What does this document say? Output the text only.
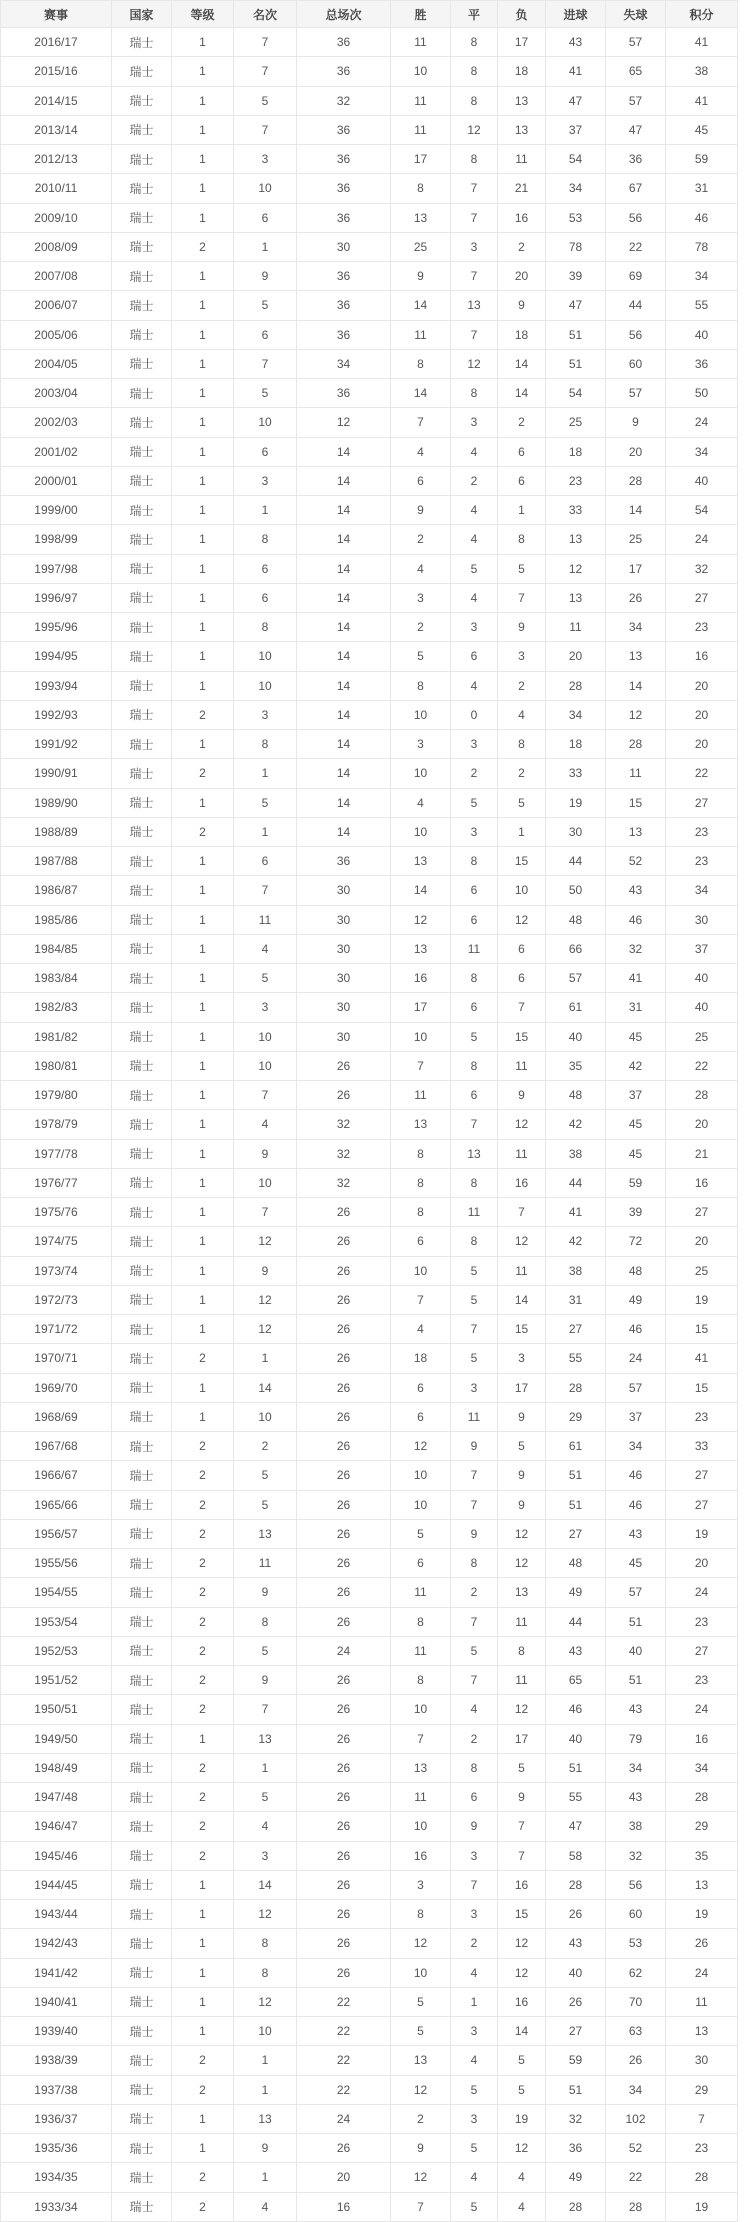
赛事	国家	等级	名次	总场次	胜	平	负	进球	失球	积分
2016/17	瑞士	1	7	36	11	8	17	43	57	41
2015/16	瑞士	1	7	36	10	8	18	41	65	38
2014/15	瑞士	1	5	32	11	8	13	47	57	41
2013/14	瑞士	1	7	36	11	12	13	37	47	45
2012/13	瑞士	1	3	36	17	8	11	54	36	59
2010/11	瑞士	1	10	36	8	7	21	34	67	31
2009/10	瑞士	1	6	36	13	7	16	53	56	46
2008/09	瑞士	2	1	30	25	3	2	78	22	78
2007/08	瑞士	1	9	36	9	7	20	39	69	34
2006/07	瑞士	1	5	36	14	13	9	47	44	55
2005/06	瑞士	1	6	36	11	7	18	51	56	40
2004/05	瑞士	1	7	34	8	12	14	51	60	36
2003/04	瑞士	1	5	36	14	8	14	54	57	50
2002/03	瑞士	1	10	12	7	3	2	25	9	24
2001/02	瑞士	1	6	14	4	4	6	18	20	34
2000/01	瑞士	1	3	14	6	2	6	23	28	40
1999/00	瑞士	1	1	14	9	4	1	33	14	54
1998/99	瑞士	1	8	14	2	4	8	13	25	24
1997/98	瑞士	1	6	14	4	5	5	12	17	32
1996/97	瑞士	1	6	14	3	4	7	13	26	27
1995/96	瑞士	1	8	14	2	3	9	11	34	23
1994/95	瑞士	1	10	14	5	6	3	20	13	16
1993/94	瑞士	1	10	14	8	4	2	28	14	20
1992/93	瑞士	2	3	14	10	0	4	34	12	20
1991/92	瑞士	1	8	14	3	3	8	18	28	20
1990/91	瑞士	2	1	14	10	2	2	33	11	22
1989/90	瑞士	1	5	14	4	5	5	19	15	27
1988/89	瑞士	2	1	14	10	3	1	30	13	23
1987/88	瑞士	1	6	36	13	8	15	44	52	23
1986/87	瑞士	1	7	30	14	6	10	50	43	34
1985/86	瑞士	1	11	30	12	6	12	48	46	30
1984/85	瑞士	1	4	30	13	11	6	66	32	37
1983/84	瑞士	1	5	30	16	8	6	57	41	40
1982/83	瑞士	1	3	30	17	6	7	61	31	40
1981/82	瑞士	1	10	30	10	5	15	40	45	25
1980/81	瑞士	1	10	26	7	8	11	35	42	22
1979/80	瑞士	1	7	26	11	6	9	48	37	28
1978/79	瑞士	1	4	32	13	7	12	42	45	20
1977/78	瑞士	1	9	32	8	13	11	38	45	21
1976/77	瑞士	1	10	32	8	8	16	44	59	16
1975/76	瑞士	1	7	26	8	11	7	41	39	27
1974/75	瑞士	1	12	26	6	8	12	42	72	20
1973/74	瑞士	1	9	26	10	5	11	38	48	25
1972/73	瑞士	1	12	26	7	5	14	31	49	19
1971/72	瑞士	1	12	26	4	7	15	27	46	15
1970/71	瑞士	2	1	26	18	5	3	55	24	41
1969/70	瑞士	1	14	26	6	3	17	28	57	15
1968/69	瑞士	1	10	26	6	11	9	29	37	23
1967/68	瑞士	2	2	26	12	9	5	61	34	33
1966/67	瑞士	2	5	26	10	7	9	51	46	27
1965/66	瑞士	2	5	26	10	7	9	51	46	27
1956/57	瑞士	2	13	26	5	9	12	27	43	19
1955/56	瑞士	2	11	26	6	8	12	48	45	20
1954/55	瑞士	2	9	26	11	2	13	49	57	24
1953/54	瑞士	2	8	26	8	7	11	44	51	23
1952/53	瑞士	2	5	24	11	5	8	43	40	27
1951/52	瑞士	2	9	26	8	7	11	65	51	23
1950/51	瑞士	2	7	26	10	4	12	46	43	24
1949/50	瑞士	1	13	26	7	2	17	40	79	16
1948/49	瑞士	2	1	26	13	8	5	51	34	34
1947/48	瑞士	2	5	26	11	6	9	55	43	28
1946/47	瑞士	2	4	26	10	9	7	47	38	29
1945/46	瑞士	2	3	26	16	3	7	58	32	35
1944/45	瑞士	1	14	26	3	7	16	28	56	13
1943/44	瑞士	1	12	26	8	3	15	26	60	19
1942/43	瑞士	1	8	26	12	2	12	43	53	26
1941/42	瑞士	1	8	26	10	4	12	40	62	24
1940/41	瑞士	1	12	22	5	1	16	26	70	11
1939/40	瑞士	1	10	22	5	3	14	27	63	13
1938/39	瑞士	2	1	22	13	4	5	59	26	30
1937/38	瑞士	2	1	22	12	5	5	51	34	29
1936/37	瑞士	1	13	24	2	3	19	32	102	7
1935/36	瑞士	1	9	26	9	5	12	36	52	23
1934/35	瑞士	2	1	20	12	4	4	49	22	28
1933/34	瑞士	2	4	16	7	5	4	28	28	19
